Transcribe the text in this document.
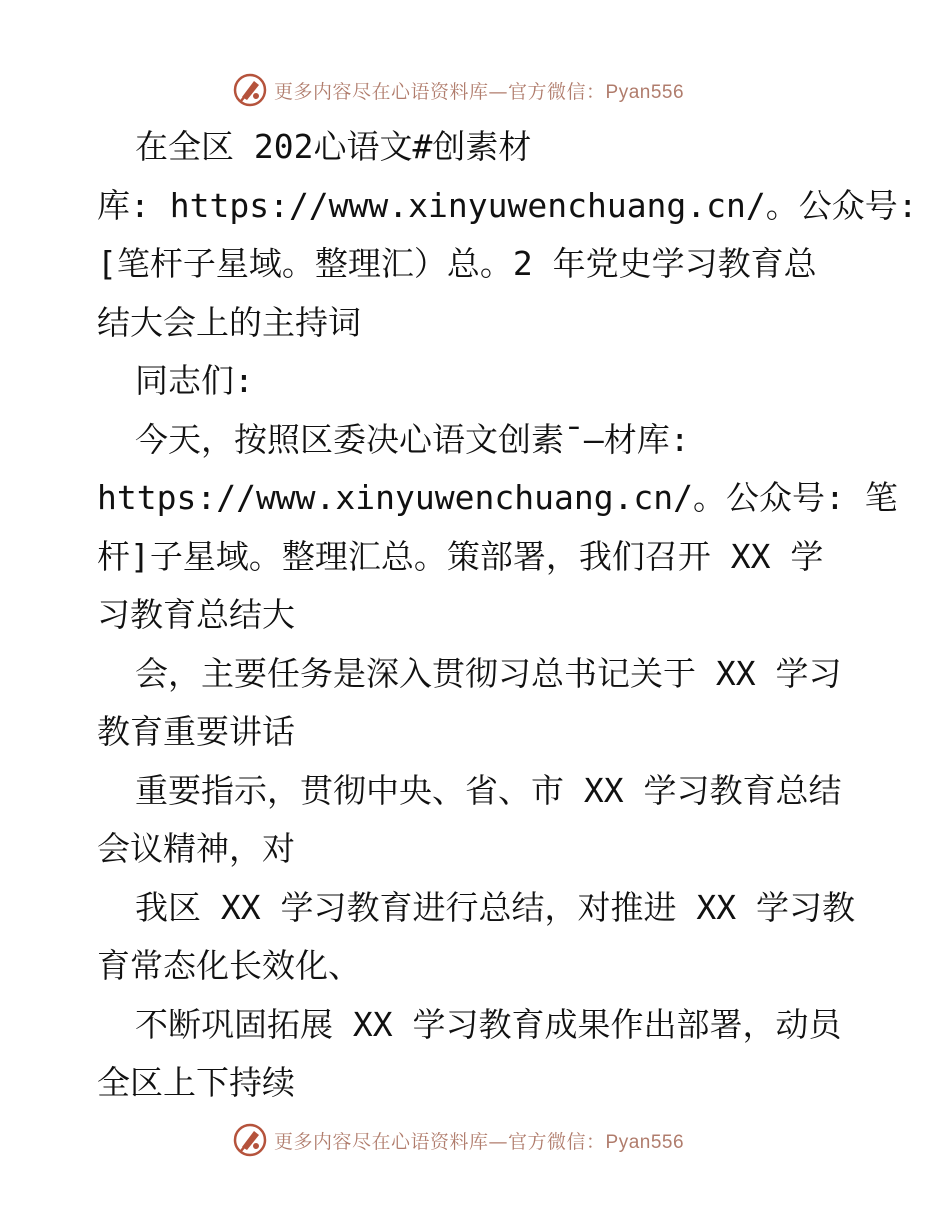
更多内容尽在心语资料库—官方微信：Pyan556
在全区 202心语文#创素材
库: https://www.xinyuwenchuang.cn/。公众号:
[笔杆子星域。整理汇）总。2 年党史学习教育总
结大会上的主持词
同志们:
今天，按照区委决心语文创素¯—材库:
https://www.xinyuwenchuang.cn/。公众号: 笔
杆]子星域。整理汇总。策部署，我们召开 XX 学
习教育总结大
会，主要任务是深入贯彻习总书记关于 XX 学习
教育重要讲话
重要指示，贯彻中央、省、市 XX 学习教育总结
会议精神，对
我区 XX 学习教育进行总结，对推进 XX 学习教
育常态化长效化、
不断巩固拓展 XX 学习教育成果作出部署，动员
全区上下持续
更多内容尽在心语资料库—官方微信：Pyan556
